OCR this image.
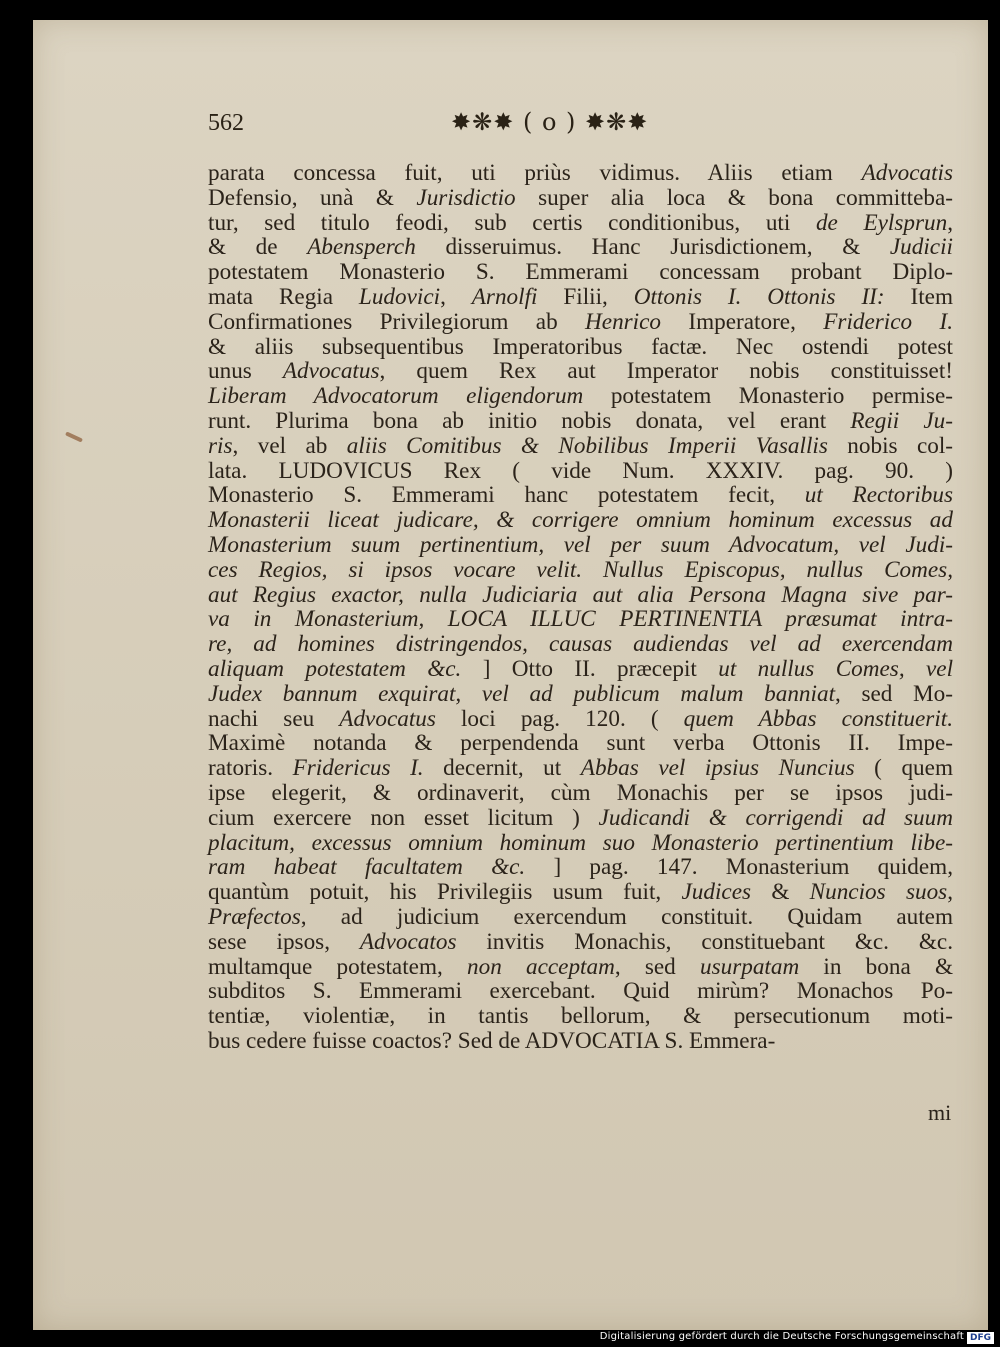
562	✸❋✸ ( o ) ✸❋✸
parata concessa fuit, uti priùs vidimus. Aliis etiam Advocatis
Defensio, unà & Jurisdictio super alia loca & bona committeba-
tur, sed titulo feodi, sub certis conditionibus, uti de Eylsprun,
& de Abensperch disseruimus. Hanc Jurisdictionem, & Judicii
potestatem Monasterio S. Emmerami concessam probant Diplo-
mata Regia Ludovici, Arnolfi Filii, Ottonis I. Ottonis II: Item
Confirmationes Privilegiorum ab Henrico Imperatore, Friderico I.
& aliis subsequentibus Imperatoribus factæ. Nec ostendi potest
unus Advocatus, quem Rex aut Imperator nobis constituisset!
Liberam Advocatorum eligendorum potestatem Monasterio permise-
runt. Plurima bona ab initio nobis donata, vel erant Regii Ju-
ris, vel ab aliis Comitibus & Nobilibus Imperii Vasallis nobis col-
lata. LUDOVICUS Rex ( vide Num. XXXIV. pag. 90. )
Monasterio S. Emmerami hanc potestatem fecit, ut Rectoribus
Monasterii liceat judicare, & corrigere omnium hominum excessus ad
Monasterium suum pertinentium, vel per suum Advocatum, vel Judi-
ces Regios, si ipsos vocare velit. Nullus Episcopus, nullus Comes,
aut Regius exactor, nulla Judiciaria aut alia Persona Magna sive par-
va in Monasterium, LOCA ILLUC PERTINENTIA præsumat intra-
re, ad homines distringendos, causas audiendas vel ad exercendam
aliquam potestatem &c. ] Otto II. præcepit ut nullus Comes, vel
Judex bannum exquirat, vel ad publicum malum banniat, sed Mo-
nachi seu Advocatus loci pag. 120. ( quem Abbas constituerit.
Maximè notanda & perpendenda sunt verba Ottonis II. Impe-
ratoris. Fridericus I. decernit, ut Abbas vel ipsius Nuncius ( quem
ipse elegerit, & ordinaverit, cùm Monachis per se ipsos judi-
cium exercere non esset licitum ) Judicandi & corrigendi ad suum
placitum, excessus omnium hominum suo Monasterio pertinentium libe-
ram habeat facultatem &c. ] pag. 147. Monasterium quidem,
quantùm potuit, his Privilegiis usum fuit, Judices & Nuncios suos,
Præfectos, ad judicium exercendum constituit. Quidam autem
sese ipsos, Advocatos invitis Monachis, constituebant &c. &c.
multamque potestatem, non acceptam, sed usurpatam in bona &
subditos S. Emmerami exercebant. Quid mirùm? Monachos Po-
tentiæ, violentiæ, in tantis bellorum, & persecutionum moti-
bus cedere fuisse coactos? Sed de ADVOCATIA S. Emmera-
mi
Digitalisierung gefördert durch die Deutsche Forschungsgemeinschaft DFG
